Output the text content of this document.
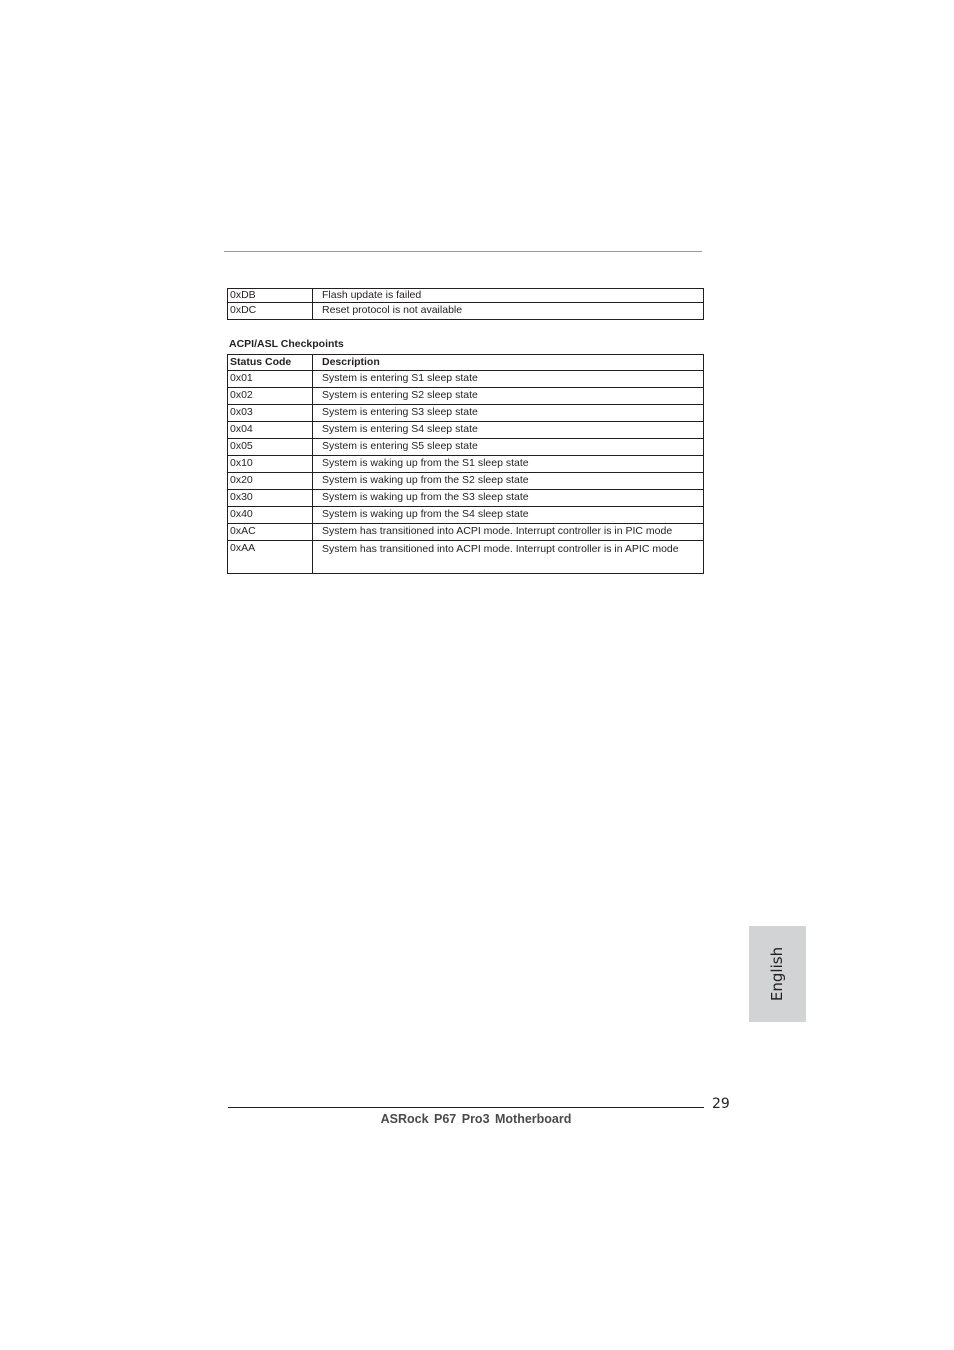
0xDB	Flash update is failed
0xDC	Reset protocol is not available
ACPI/ASL Checkpoints
Status Code	Description
0x01	System is entering S1 sleep state
0x02	System is entering S2 sleep state
0x03	System is entering S3 sleep state
0x04	System is entering S4 sleep state
0x05	System is entering S5 sleep state
0x10	System is waking up from the S1 sleep state
0x20	System is waking up from the S2 sleep state
0x30	System is waking up from the S3 sleep state
0x40	System is waking up from the S4 sleep state
0xAC	System has transitioned into ACPI mode. Interrupt controller is in PIC mode
0xAA	System has transitioned into ACPI mode. Interrupt controller is in APIC mode
English
29
ASRock P67 Pro3 Motherboard
